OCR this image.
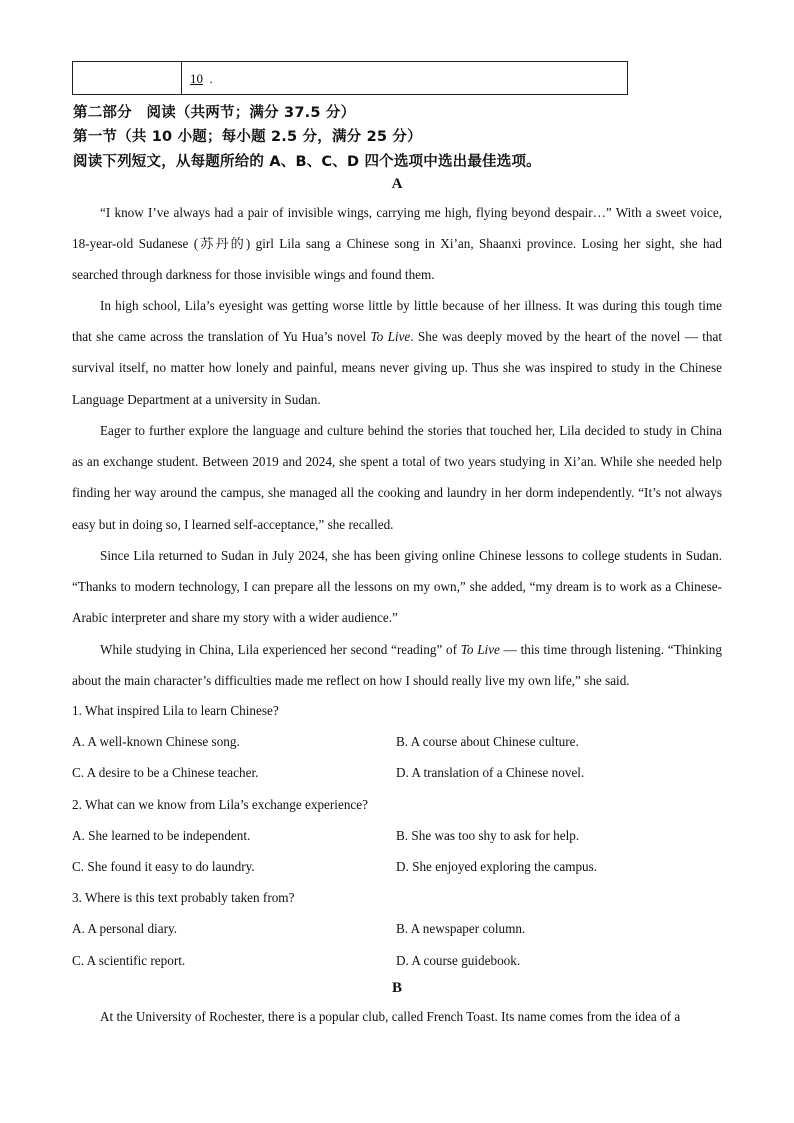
10 .
第二部分　阅读（共两节；满分 37.5 分）
第一节（共 10 小题；每小题 2.5 分，满分 25 分）
阅读下列短文，从每题所给的 A、B、C、D 四个选项中选出最佳选项。
A

“I know I’ve always had a pair of invisible wings, carrying me high, flying beyond despair…” With a sweet voice, 18-year-old Sudanese (苏丹的) girl Lila sang a Chinese song in Xi’an, Shaanxi province. Losing her sight, she had searched through darkness for those invisible wings and found them.

In high school, Lila’s eyesight was getting worse little by little because of her illness. It was during this tough time that she came across the translation of Yu Hua’s novel To Live. She was deeply moved by the heart of the novel — that survival itself, no matter how lonely and painful, means never giving up. Thus she was inspired to study in the Chinese Language Department at a university in Sudan.

Eager to further explore the language and culture behind the stories that touched her, Lila decided to study in China as an exchange student. Between 2019 and 2024, she spent a total of two years studying in Xi’an. While she needed help finding her way around the campus, she managed all the cooking and laundry in her dorm independently. “It’s not always easy but in doing so, I learned self-acceptance,” she recalled.

Since Lila returned to Sudan in July 2024, she has been giving online Chinese lessons to college students in Sudan. “Thanks to modern technology, I can prepare all the lessons on my own,” she added, “my dream is to work as a Chinese-Arabic interpreter and share my story with a wider audience.”

While studying in China, Lila experienced her second “reading” of To Live — this time through listening. “Thinking about the main character’s difficulties made me reflect on how I should really live my own life,” she said.

1. What inspired Lila to learn Chinese?
A. A well-known Chinese song.	B. A course about Chinese culture.
C. A desire to be a Chinese teacher.	D. A translation of a Chinese novel.
2. What can we know from Lila’s exchange experience?
A. She learned to be independent.	B. She was too shy to ask for help.
C. She found it easy to do laundry.	D. She enjoyed exploring the campus.
3. Where is this text probably taken from?
A. A personal diary.	B. A newspaper column.
C. A scientific report.	D. A course guidebook.
B

At the University of Rochester, there is a popular club, called French Toast. Its name comes from the idea of a
